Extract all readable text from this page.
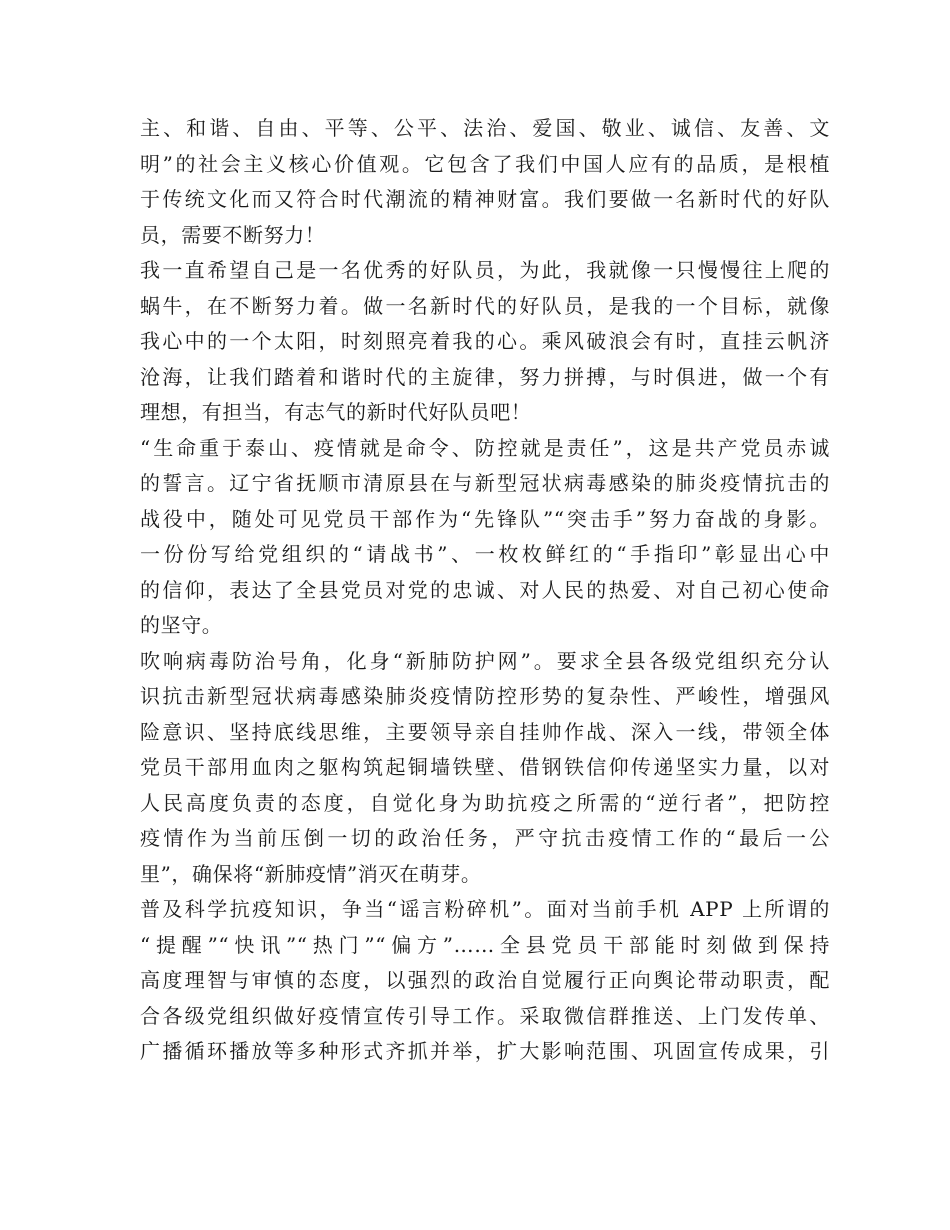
主、和谐、自由、平等、公平、法治、爱国、敬业、诚信、友善、文
明”的社会主义核心价值观。它包含了我们中国人应有的品质，是根植
于传统文化而又符合时代潮流的精神财富。我们要做一名新时代的好队
员，需要不断努力！
我一直希望自己是一名优秀的好队员，为此，我就像一只慢慢往上爬的
蜗牛，在不断努力着。做一名新时代的好队员，是我的一个目标，就像
我心中的一个太阳，时刻照亮着我的心。乘风破浪会有时，直挂云帆济
沧海，让我们踏着和谐时代的主旋律，努力拼搏，与时俱进，做一个有
理想，有担当，有志气的新时代好队员吧！
“生命重于泰山、疫情就是命令、防控就是责任”，这是共产党员赤诚
的誓言。辽宁省抚顺市清原县在与新型冠状病毒感染的肺炎疫情抗击的
战役中，随处可见党员干部作为“先锋队”“突击手”努力奋战的身影。
一份份写给党组织的“请战书”、一枚枚鲜红的“手指印”彰显出心中
的信仰，表达了全县党员对党的忠诚、对人民的热爱、对自己初心使命
的坚守。
吹响病毒防治号角，化身“新肺防护网”。要求全县各级党组织充分认
识抗击新型冠状病毒感染肺炎疫情防控形势的复杂性、严峻性，增强风
险意识、坚持底线思维，主要领导亲自挂帅作战、深入一线，带领全体
党员干部用血肉之躯构筑起铜墙铁壁、借钢铁信仰传递坚实力量，以对
人民高度负责的态度，自觉化身为助抗疫之所需的“逆行者”，把防控
疫情作为当前压倒一切的政治任务，严守抗击疫情工作的“最后一公
里”，确保将“新肺疫情”消灭在萌芽。
普及科学抗疫知识，争当“谣言粉碎机”。面对当前手机 APP 上所谓的
“提醒”“快讯”“热门”“偏方”……全县党员干部能时刻做到保持
高度理智与审慎的态度，以强烈的政治自觉履行正向舆论带动职责，配
合各级党组织做好疫情宣传引导工作。采取微信群推送、上门发传单、
广播循环播放等多种形式齐抓并举，扩大影响范围、巩固宣传成果，引
